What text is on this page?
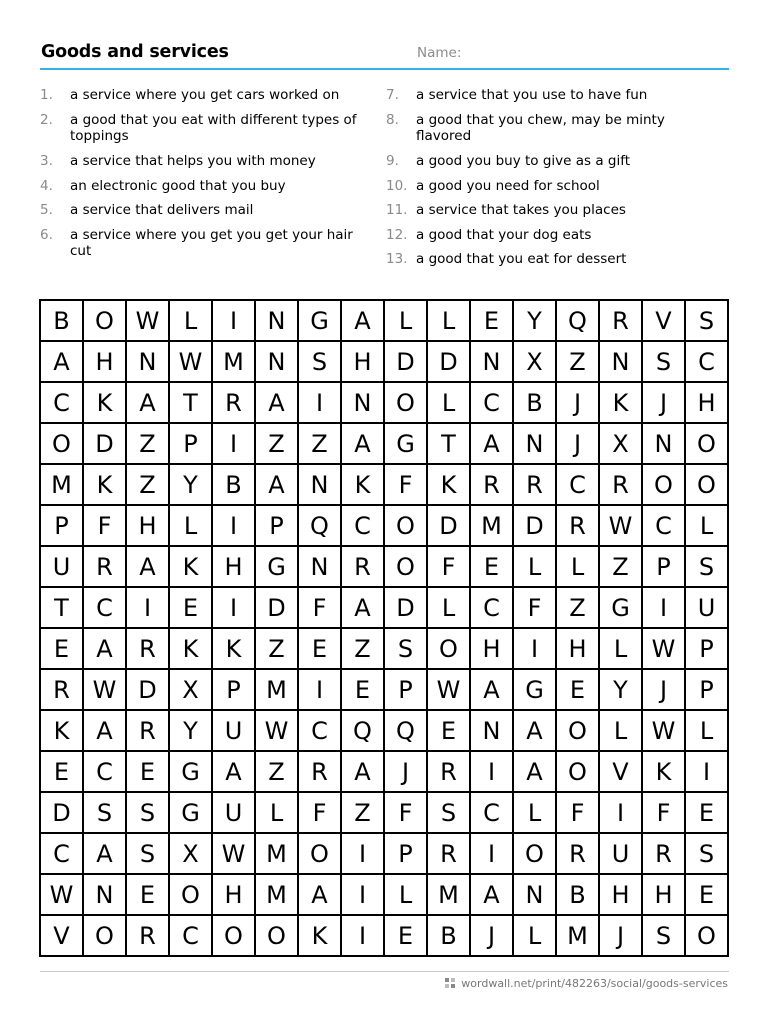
Goods and services	Name:
1.	a service where you get cars worked on
2.	a good that you eat with different types of toppings
3.	a service that helps you with money
4.	an electronic good that you buy
5.	a service that delivers mail
6.	a service where you get you get your hair cut
7.	a service that you use to have fun
8.	a good that you chew, may be minty flavored
9.	a good you buy to give as a gift
10. a good you need for school
11. a service that takes you places
12. a good that your dog eats
13. a good that you eat for dessert
B	O	W	L	I	N	G	A	L	L	E	Y	Q	R	V	S
A	H	N	W	M	N	S	H	D	D	N	X	Z	N	S	C
C	K	A	T	R	A	I	N	O	L	C	B	J	K	J	H
O	D	Z	P	I	Z	Z	A	G	T	A	N	J	X	N	O
M	K	Z	Y	B	A	N	K	F	K	R	R	C	R	O	O
P	F	H	L	I	P	Q	C	O	D	M	D	R	W	C	L
U	R	A	K	H	G	N	R	O	F	E	L	L	Z	P	S
T	C	I	E	I	D	F	A	D	L	C	F	Z	G	I	U
E	A	R	K	K	Z	E	Z	S	O	H	I	H	L	W	P
R	W	D	X	P	M	I	E	P	W	A	G	E	Y	J	P
K	A	R	Y	U	W	C	Q	Q	E	N	A	O	L	W	L
E	C	E	G	A	Z	R	A	J	R	I	A	O	V	K	I
D	S	S	G	U	L	F	Z	F	S	C	L	F	I	F	E
C	A	S	X	W	M	O	I	P	R	I	O	R	U	R	S
W	N	E	O	H	M	A	I	L	M	A	N	B	H	H	E
V	O	R	C	O	O	K	I	E	B	J	L	M	J	S	O
wordwall.net/print/482263/social/goods-services
